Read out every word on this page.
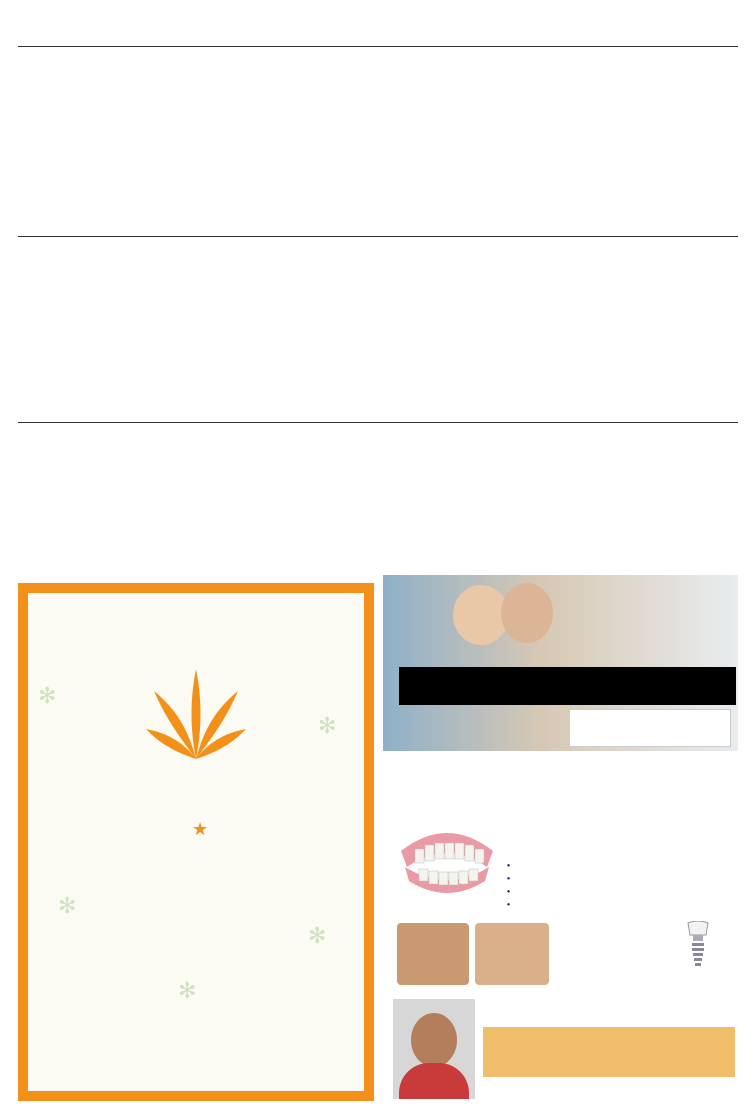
✻
✻
✻
✻
✻
★
•
•
•
•
